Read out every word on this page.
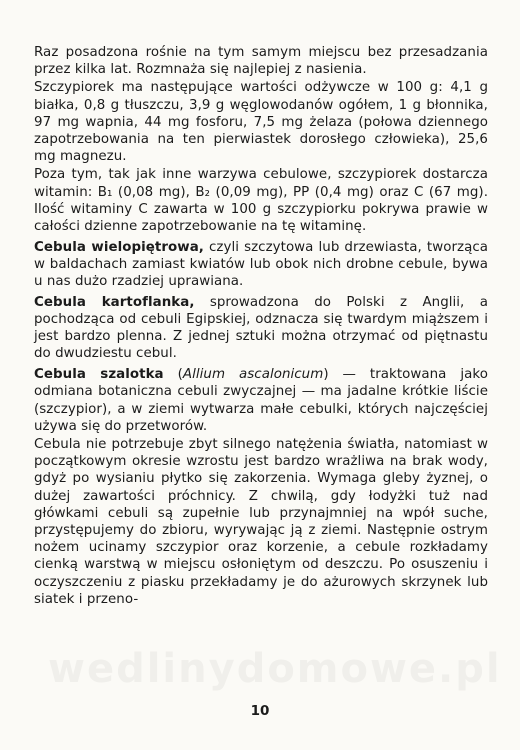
Raz posadzona rośnie na tym samym miejscu bez przesadzania przez kilka lat. Rozmnaża się najlepiej z nasienia.

Szczypiorek ma następujące wartości odżywcze w 100 g: 4,1 g białka, 0,8 g tłuszczu, 3,9 g węglowodanów ogółem, 1 g błonnika, 97 mg wapnia, 44 mg fosforu, 7,5 mg żelaza (połowa dziennego zapotrzebowania na ten pierwiastek dorosłego człowieka), 25,6 mg magnezu.

Poza tym, tak jak inne warzywa cebulowe, szczypiorek dostarcza witamin: B₁ (0,08 mg), B₂ (0,09 mg), PP (0,4 mg) oraz C (67 mg). Ilość witaminy C zawarta w 100 g szczypiorku pokrywa prawie w całości dzienne zapotrzebowanie na tę witaminę.

Cebula wielopiętrowa, czyli szczytowa lub drzewiasta, tworząca w baldachach zamiast kwiatów lub obok nich drobne cebule, bywa u nas dużo rzadziej uprawiana.

Cebula kartoflanka, sprowadzona do Polski z Anglii, a pochodząca od cebuli Egipskiej, odznacza się twardym miąższem i jest bardzo plenna. Z jednej sztuki można otrzymać od piętnastu do dwudziestu cebul.

Cebula szalotka (Allium ascalonicum) — traktowana jako odmiana botaniczna cebuli zwyczajnej — ma jadalne krótkie liście (szczypior), a w ziemi wytwarza małe cebulki, których najczęściej używa się do przetworów.

Cebula nie potrzebuje zbyt silnego natężenia światła, natomiast w początkowym okresie wzrostu jest bardzo wrażliwa na brak wody, gdyż po wysianiu płytko się zakorzenia. Wymaga gleby żyznej, o dużej zawartości próchnicy. Z chwilą, gdy łodyżki tuż nad główkami cebuli są zupełnie lub przynajmniej na wpół suche, przystępujemy do zbioru, wyrywając ją z ziemi. Następnie ostrym nożem ucinamy szczypior oraz korzenie, a cebule rozkładamy cienką warstwą w miejscu osłoniętym od deszczu. Po osuszeniu i oczyszczeniu z piasku przekładamy je do ażurowych skrzynek lub siatek i przeno-

wedlinydomowe.pl
10
